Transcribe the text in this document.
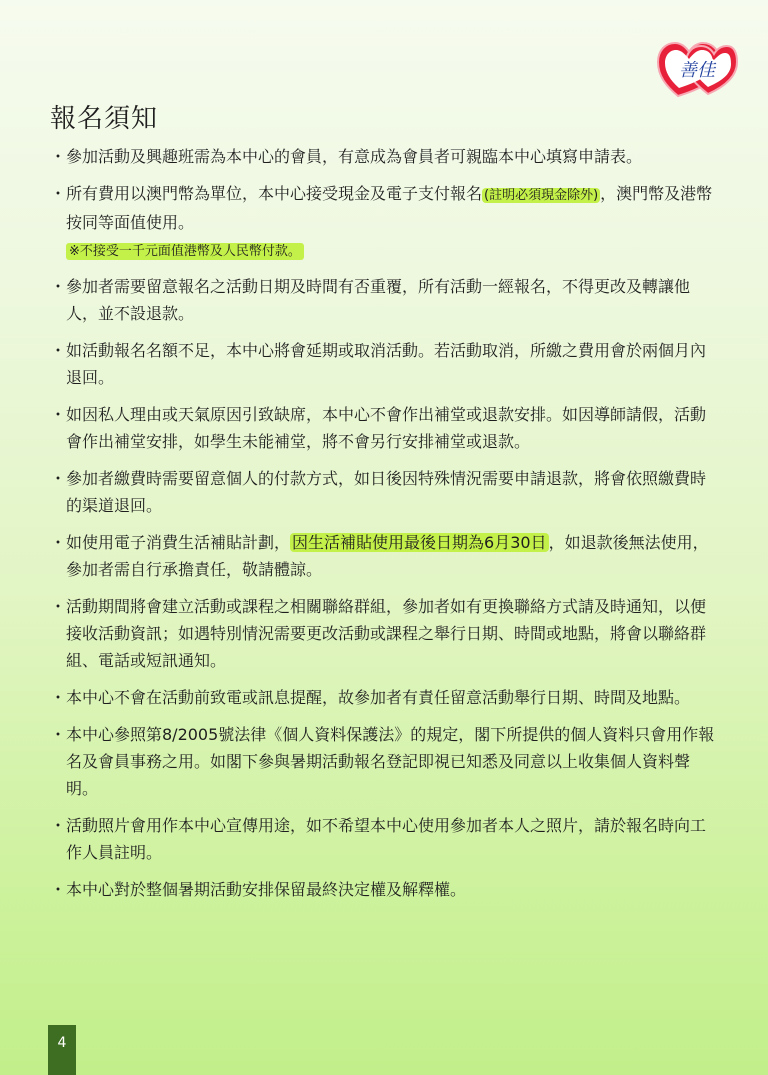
善佳
報名須知
・ 參加活動及興趣班需為本中心的會員，有意成為會員者可親臨本中心填寫申請表。
・ 所有費用以澳門幣為單位，本中心接受現金及電子支付報名 (註明必須現金除外) ，澳門幣及港幣按同等面值使用。
※不接受一千元面值港幣及人民幣付款。
・ 參加者需要留意報名之活動日期及時間有否重覆，所有活動一經報名，不得更改及轉讓他人，並不設退款。
・ 如活動報名名額不足，本中心將會延期或取消活動。若活動取消，所繳之費用會於兩個月內退回。
・ 如因私人理由或天氣原因引致缺席，本中心不會作出補堂或退款安排。如因導師請假，活動會作出補堂安排，如學生未能補堂，將不會另行安排補堂或退款。
・ 參加者繳費時需要留意個人的付款方式，如日後因特殊情況需要申請退款，將會依照繳費時的渠道退回。
・ 如使用電子消費生活補貼計劃， 因生活補貼使用最後日期為6月30日 ，如退款後無法使用，參加者需自行承擔責任，敬請體諒。
・ 活動期間將會建立活動或課程之相關聯絡群組，參加者如有更換聯絡方式請及時通知，以便接收活動資訊；如遇特別情況需要更改活動或課程之舉行日期、時間或地點，將會以聯絡群組、電話或短訊通知。
・ 本中心不會在活動前致電或訊息提醒，故參加者有責任留意活動舉行日期、時間及地點。
・ 本中心參照第8/2005號法律《個人資料保護法》的規定，閣下所提供的個人資料只會用作報名及會員事務之用。如閣下參與暑期活動報名登記即視已知悉及同意以上收集個人資料聲明。
・ 活動照片會用作本中心宣傳用途，如不希望本中心使用參加者本人之照片，請於報名時向工作人員註明。
・ 本中心對於整個暑期活動安排保留最終決定權及解釋權。
4
